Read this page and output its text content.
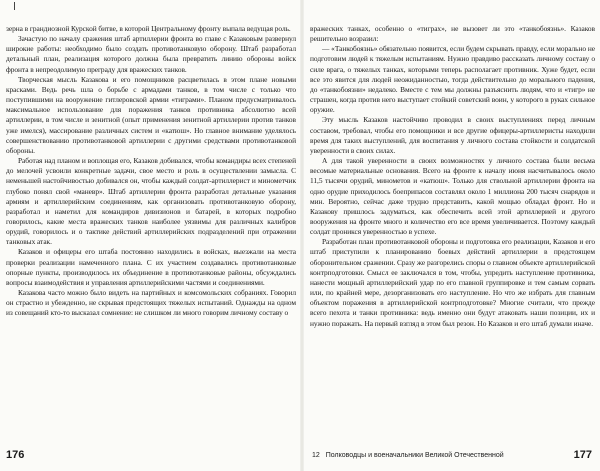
зерна в грандиозной Курской битве, в которой Центральному фронту выпала ведущая роль.

Зачастую по началу сражения штаб артиллерии фронта во главе с Казаковым развернул широкие работы: необходимо было создать противотанковую оборону. Штаб разработал детальный план, реализация которого должна была превратить линию обороны войск фронта в непреодолимую преграду для вражеских танков.

Творческая мысль Казакова и его помощников расцветилась в этом плане новыми красками. Ведь речь шла о борьбе с армадами танков, в том числе с только что поступившими на вооружение гитлеровской армии «тиграми». Планом предусматривалось максимальное использование для поражения танков противника абсолютно всей артиллерии, в том числе и зенитной (опыт применения зенитной артиллерии против танков уже имелся), массирование различных систем и «катюш». Но главное внимание уделялось совершенствованию противотанковой артиллерии с другими средствами противотанковой обороны.

Работая над планом и воплощая его, Казаков добивался, чтобы командиры всех степеней до мелочей усвоили конкретные задачи, свое место и роль в осуществлении замысла. С неменьшей настойчивостью добивался он, чтобы каждый солдат-артиллерист и минометчик глубоко понял свой «маневр». Штаб артиллерии фронта разработал детальные указания армиям и артиллерийским соединениям, как организовать противотанковую оборону, разработал и наметил для командиров дивизионов и батарей, в которых подробно говорилось, какие места вражеских танков наиболее уязвимы для различных калибров орудий, говорилось и о тактике действий артиллерийских подразделений при отражении танковых атак.

Казаков и офицеры его штаба постоянно находились в войсках, выезжали на места проверки реализации намеченного плана. С их участием создавались противотанковые опорные пункты, производилось их объединение в противотанковые районы, обсуждались вопросы взаимодействия и управления артиллерийскими частями и соединениями.

Казакова часто можно было видеть на партийных и комсомольских собраниях. Говорил он страстно и убежденно, не скрывая предстоящих тяжелых испытаний. Однажды на одном из совещаний кто-то высказал сомнение: не слишком ли много говорим личному составу о

176

вражеских танках, особенно о «тиграх», не вызовет ли это «танкобоязнь». Казаков решительно возразил:

— «Танкобоязнь» обязательно появится, если будем скрывать правду, если морально не подготовим людей к тяжелым испытаниям. Нужно правдиво рассказать личному составу о силе врага, о тяжелых танках, которыми теперь располагает противник. Хуже будет, если все это явится для людей неожиданностью, тогда действительно до морального падения, до «танкобоязни» недалеко. Вместе с тем мы должны разъяснить людям, что и «тигр» не страшен, когда против него выступает стойкий советский воин, у которого в руках сильное оружие.

Эту мысль Казаков настойчиво проводил в своих выступлениях перед личным составом, требовал, чтобы его помощники и все другие офицеры-артиллеристы находили время для таких выступлений, для воспитания у личного состава стойкости и солдатской уверенности в своих силах.

А для такой уверенности в своих возможностях у личного состава были весьма весомые материальные основания. Всего на фронте к началу июня насчитывалось около 11,5 тысячи орудий, минометов и «катюш». Только для ствольной артиллерии фронта на одно орудие приходилось боеприпасов составлял около 1 миллиона 200 тысяч снарядов и мин. Вероятно, сейчас даже трудно представить, какой мощью обладал фронт. Но и Казакову пришлось задуматься, как обеспечить всей этой артиллерией и другого вооружения на фронте много и количество его все время увеличивается. Поэтому каждый солдат проникся уверенностью в успехе.

Разработан план противотанковой обороны и подготовка его реализации, Казаков и его штаб приступили к планированию боевых действий артиллерии в предстоящем оборонительном сражении. Сразу же разгорелись споры о главном объекте артиллерийской контрподготовки. Смысл ее заключался в том, чтобы, упредить наступление противника, нанести мощный артиллерийский удар по его главной группировке и тем самым сорвать или, по крайней мере, дезорганизовать его наступление. Но что же избрать для главным объектом поражения в артиллерийской контрподготовке? Многие считали, что прежде всего пехота и танки противника: ведь именно они будут атаковать наши позиции, их и нужно поражать. На первый взгляд в этом был резон. Но Казаков и его штаб думали иначе.

12 Полководцы и военачальники Великой Отечественной	177
